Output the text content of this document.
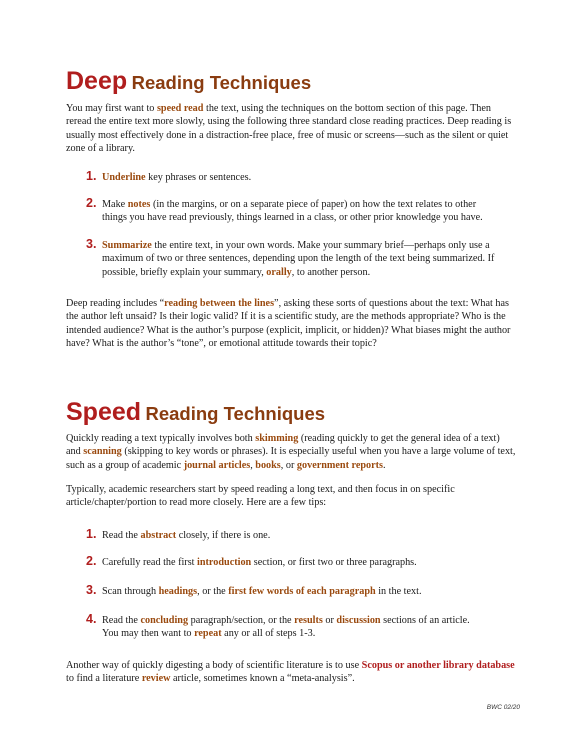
Deep Reading Techniques
You may first want to speed read the text, using the techniques on the bottom section of this page. Then reread the entire text more slowly, using the following three standard close reading practices. Deep reading is usually most effectively done in a distraction-free place, free of music or screens—such as the silent or quiet zone of a library.
1. Underline key phrases or sentences.
2. Make notes (in the margins, or on a separate piece of paper) on how the text relates to other things you have read previously, things learned in a class, or other prior knowledge you have.
3. Summarize the entire text, in your own words. Make your summary brief—perhaps only use a maximum of two or three sentences, depending upon the length of the text being summarized. If possible, briefly explain your summary, orally, to another person.
Deep reading includes “reading between the lines”, asking these sorts of questions about the text: What has the author left unsaid? Is their logic valid? If it is a scientific study, are the methods appropriate? Who is the intended audience? What is the author’s purpose (explicit, implicit, or hidden)? What biases might the author have? What is the author’s “tone”, or emotional attitude towards their topic?
Speed Reading Techniques
Quickly reading a text typically involves both skimming (reading quickly to get the general idea of a text) and scanning (skipping to key words or phrases). It is especially useful when you have a large volume of text, such as a group of academic journal articles, books, or government reports.
Typically, academic researchers start by speed reading a long text, and then focus in on specific article/chapter/portion to read more closely. Here are a few tips:
1. Read the abstract closely, if there is one.
2. Carefully read the first introduction section, or first two or three paragraphs.
3. Scan through headings, or the first few words of each paragraph in the text.
4. Read the concluding paragraph/section, or the results or discussion sections of an article.
You may then want to repeat any or all of steps 1-3.
Another way of quickly digesting a body of scientific literature is to use Scopus or another library database to find a literature review article, sometimes known a “meta-analysis”.
BWC 02/20
